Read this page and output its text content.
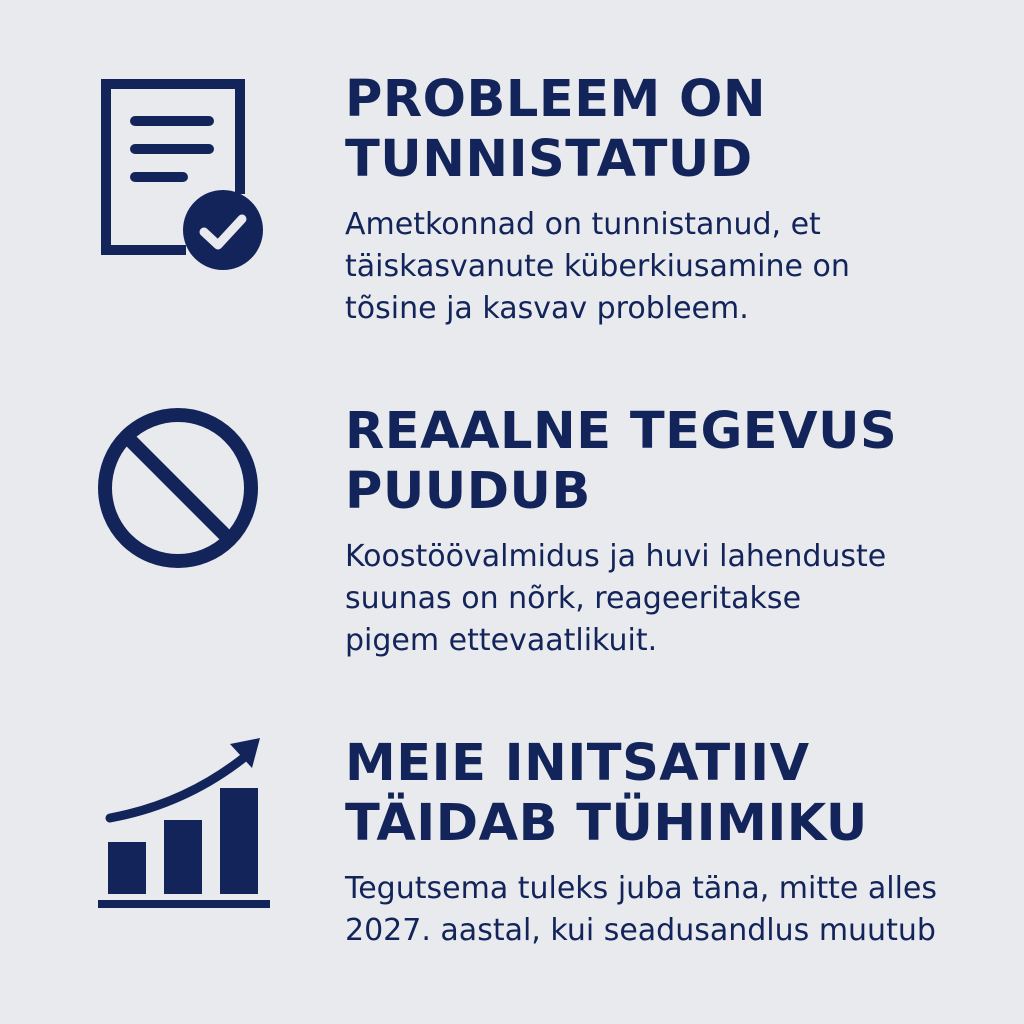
PROBLEEM ON
TUNNISTATUD

Ametkonnad on tunnistanud, et
täiskasvanute küberkiusamine on
tõsine ja kasvav probleem.

REAALNE TEGEVUS
PUUDUB

Koostöövalmidus ja huvi lahenduste
suunas on nõrk, reageeritakse
pigem ettevaatlikuit.

MEIE INITSATIIV
TÄIDAB TÜHIMIKU

Tegutsema tuleks juba täna, mitte alles
2027. aastal, kui seadusandlus muutub
